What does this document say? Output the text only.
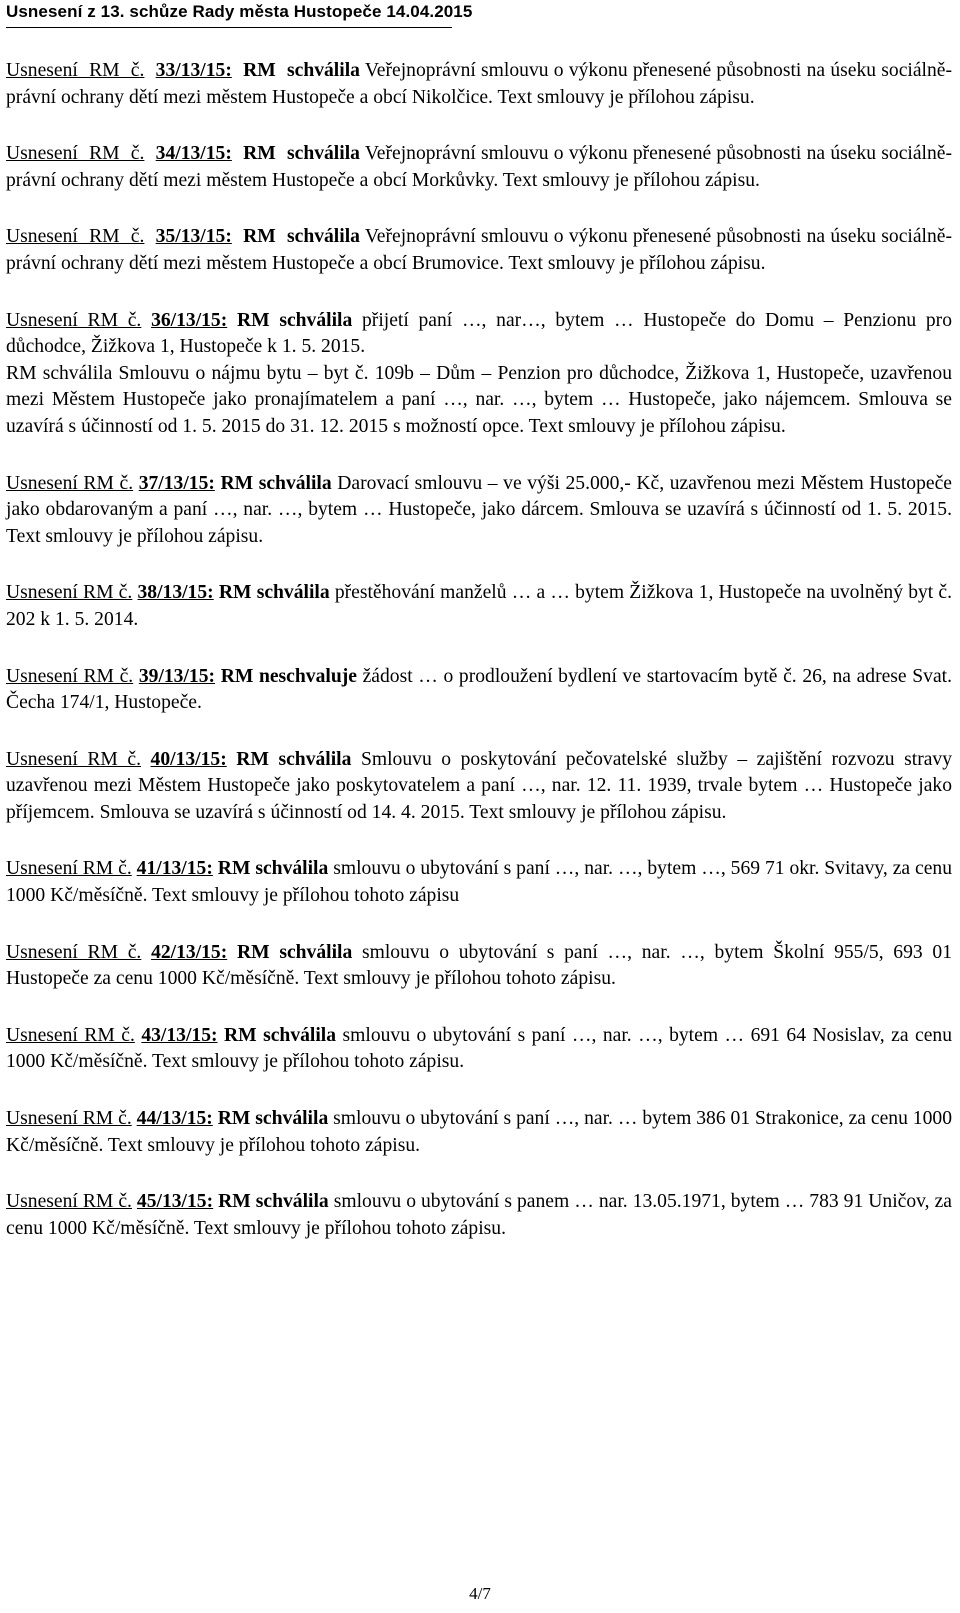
Usnesení z 13. schůze Rady města Hustopeče 14.04.2015
Usnesení RM č. 33/13/15: RM schválila Veřejnoprávní smlouvu o výkonu přenesené působnosti na úseku sociálně-právní ochrany dětí mezi městem Hustopeče a obcí Nikolčice. Text smlouvy je přílohou zápisu.
Usnesení RM č. 34/13/15: RM schválila Veřejnoprávní smlouvu o výkonu přenesené působnosti na úseku sociálně-právní ochrany dětí mezi městem Hustopeče a obcí Morkůvky. Text smlouvy je přílohou zápisu.
Usnesení RM č. 35/13/15: RM schválila Veřejnoprávní smlouvu o výkonu přenesené působnosti na úseku sociálně-právní ochrany dětí mezi městem Hustopeče a obcí Brumovice. Text smlouvy je přílohou zápisu.
Usnesení RM č. 36/13/15: RM schválila přijetí paní …, nar…, bytem … Hustopeče do Domu – Penzionu pro důchodce, Žižkova 1, Hustopeče k 1. 5. 2015.
RM schválila Smlouvu o nájmu bytu – byt č. 109b – Dům – Penzion pro důchodce, Žižkova 1, Hustopeče, uzavřenou mezi Městem Hustopeče jako pronajímatelem a paní …, nar. …, bytem … Hustopeče, jako nájemcem. Smlouva se uzavírá s účinností od 1. 5. 2015 do 31. 12. 2015 s možností opce. Text smlouvy je přílohou zápisu.
Usnesení RM č. 37/13/15: RM schválila Darovací smlouvu – ve výši 25.000,- Kč, uzavřenou mezi Městem Hustopeče jako obdarovaným a paní …, nar. …, bytem … Hustopeče, jako dárcem. Smlouva se uzavírá s účinností od 1. 5. 2015. Text smlouvy je přílohou zápisu.
Usnesení RM č. 38/13/15: RM schválila přestěhování manželů … a … bytem Žižkova 1, Hustopeče na uvolněný byt č. 202 k 1. 5. 2014.
Usnesení RM č. 39/13/15: RM neschvaluje žádost … o prodloužení bydlení ve startovacím bytě č. 26, na adrese Svat. Čecha 174/1, Hustopeče.
Usnesení RM č. 40/13/15: RM schválila Smlouvu o poskytování pečovatelské služby – zajištění rozvozu stravy uzavřenou mezi Městem Hustopeče jako poskytovatelem a paní …, nar. 12. 11. 1939, trvale bytem … Hustopeče jako příjemcem. Smlouva se uzavírá s účinností od 14. 4. 2015. Text smlouvy je přílohou zápisu.
Usnesení RM č. 41/13/15: RM schválila smlouvu o ubytování s paní …, nar. …, bytem …, 569 71 okr. Svitavy, za cenu 1000 Kč/měsíčně. Text smlouvy je přílohou tohoto zápisu
Usnesení RM č. 42/13/15: RM schválila smlouvu o ubytování s paní …, nar. …, bytem Školní 955/5, 693 01 Hustopeče za cenu 1000 Kč/měsíčně. Text smlouvy je přílohou tohoto zápisu.
Usnesení RM č. 43/13/15: RM schválila smlouvu o ubytování s paní …, nar. …, bytem … 691 64 Nosislav, za cenu 1000 Kč/měsíčně. Text smlouvy je přílohou tohoto zápisu.
Usnesení RM č. 44/13/15: RM schválila smlouvu o ubytování s paní …, nar. … bytem 386 01 Strakonice, za cenu 1000 Kč/měsíčně. Text smlouvy je přílohou tohoto zápisu.
Usnesení RM č. 45/13/15: RM schválila smlouvu o ubytování s panem … nar. 13.05.1971, bytem … 783 91 Uničov, za cenu 1000 Kč/měsíčně. Text smlouvy je přílohou tohoto zápisu.
4/7
